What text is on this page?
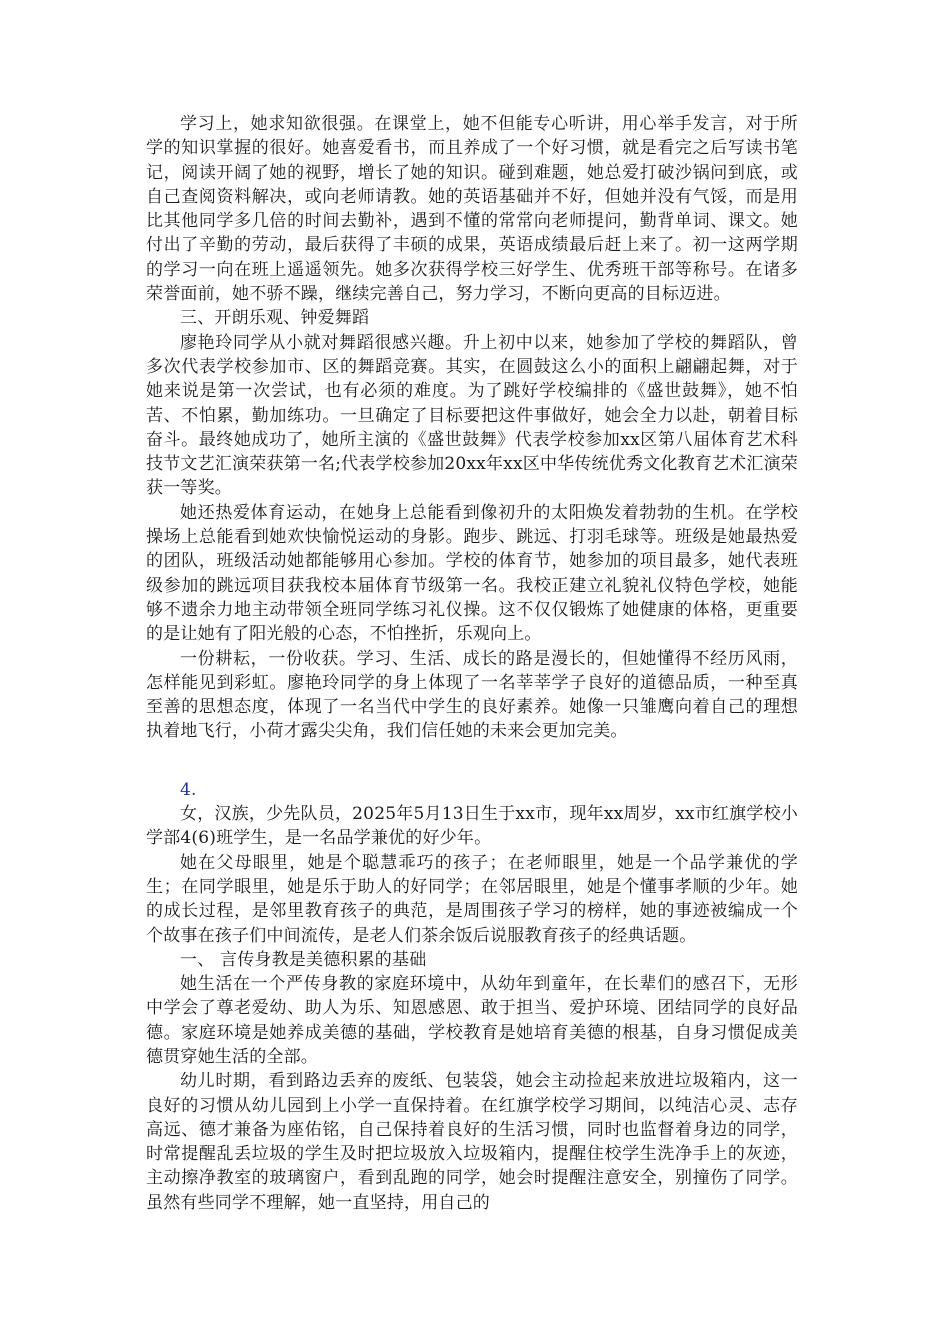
学习上，她求知欲很强。在课堂上，她不但能专心听讲，用心举手发言，对于所学的知识掌握的很好。她喜爱看书，而且养成了一个好习惯，就是看完之后写读书笔记，阅读开阔了她的视野，增长了她的知识。碰到难题，她总爱打破沙锅问到底，或自己查阅资料解决，或向老师请教。她的英语基础并不好，但她并没有气馁，而是用比其他同学多几倍的时间去勤补，遇到不懂的常常向老师提问，勤背单词、课文。她付出了辛勤的劳动，最后获得了丰硕的成果，英语成绩最后赶上来了。初一这两学期的学习一向在班上遥遥领先。她多次获得学校三好学生、优秀班干部等称号。在诸多荣誉面前，她不骄不躁，继续完善自己，努力学习，不断向更高的目标迈进。

三、开朗乐观、钟爱舞蹈

廖艳玲同学从小就对舞蹈很感兴趣。升上初中以来，她参加了学校的舞蹈队，曾多次代表学校参加市、区的舞蹈竞赛。其实，在圆鼓这么小的面积上翩翩起舞，对于她来说是第一次尝试，也有必须的难度。为了跳好学校编排的《盛世鼓舞》，她不怕苦、不怕累，勤加练功。一旦确定了目标要把这件事做好，她会全力以赴，朝着目标奋斗。最终她成功了，她所主演的《盛世鼓舞》代表学校参加xx区第八届体育艺术科技节文艺汇演荣获第一名;代表学校参加20xx年xx区中华传统优秀文化教育艺术汇演荣获一等奖。

她还热爱体育运动，在她身上总能看到像初升的太阳焕发着勃勃的生机。在学校操场上总能看到她欢快愉悦运动的身影。跑步、跳远、打羽毛球等。班级是她最热爱的团队，班级活动她都能够用心参加。学校的体育节，她参加的项目最多，她代表班级参加的跳远项目获我校本届体育节级第一名。我校正建立礼貌礼仪特色学校，她能够不遗余力地主动带领全班同学练习礼仪操。这不仅仅锻炼了她健康的体格，更重要的是让她有了阳光般的心态，不怕挫折，乐观向上。

一份耕耘，一份收获。学习、生活、成长的路是漫长的，但她懂得不经历风雨，怎样能见到彩虹。廖艳玲同学的身上体现了一名莘莘学子良好的道德品质，一种至真至善的思想态度，体现了一名当代中学生的良好素养。她像一只雏鹰向着自己的理想执着地飞行，小荷才露尖尖角，我们信任她的未来会更加完美。

4.

女，汉族，少先队员，2025年5月13日生于xx市，现年xx周岁，xx市红旗学校小学部4(6)班学生，是一名品学兼优的好少年。

她在父母眼里，她是个聪慧乖巧的孩子；在老师眼里，她是一个品学兼优的学生；在同学眼里，她是乐于助人的好同学；在邻居眼里，她是个懂事孝顺的少年。她的成长过程，是邻里教育孩子的典范，是周围孩子学习的榜样，她的事迹被编成一个个故事在孩子们中间流传，是老人们茶余饭后说服教育孩子的经典话题。

一、 言传身教是美德积累的基础

她生活在一个严传身教的家庭环境中，从幼年到童年，在长辈们的感召下，无形中学会了尊老爱幼、助人为乐、知恩感恩、敢于担当、爱护环境、团结同学的良好品德。家庭环境是她养成美德的基础，学校教育是她培育美德的根基，自身习惯促成美德贯穿她生活的全部。

幼儿时期，看到路边丢弃的废纸、包装袋，她会主动捡起来放进垃圾箱内，这一良好的习惯从幼儿园到上小学一直保持着。在红旗学校学习期间，以纯洁心灵、志存高远、德才兼备为座佑铭，自己保持着良好的生活习惯，同时也监督着身边的同学，时常提醒乱丢垃圾的学生及时把垃圾放入垃圾箱内，提醒住校学生洗净手上的灰迹，主动擦净教室的玻璃窗户，看到乱跑的同学，她会时提醒注意安全，别撞伤了同学。虽然有些同学不理解，她一直坚持，用自己的
